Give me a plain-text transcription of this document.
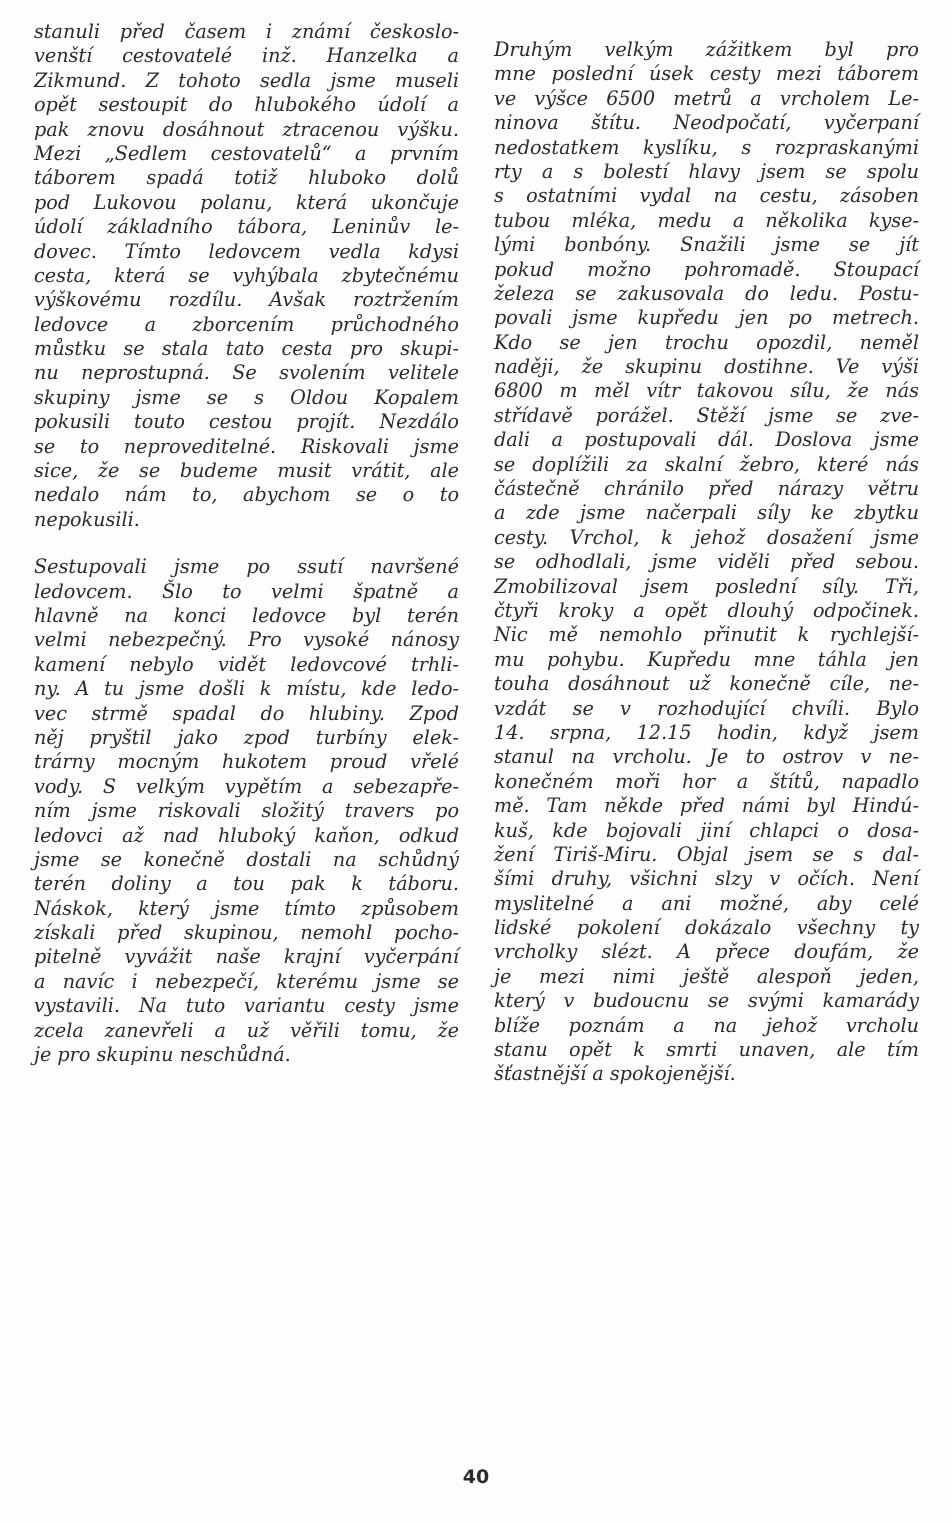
stanuli před časem i známí českoslo-
venští cestovatelé inž. Hanzelka a
Zikmund. Z tohoto sedla jsme museli
opět sestoupit do hlubokého údolí a
pak znovu dosáhnout ztracenou výšku.
Mezi „Sedlem cestovatelů“ a prvním
táborem spadá totiž hluboko dolů
pod Lukovou polanu, která ukončuje
údolí základního tábora, Leninův le-
dovec. Tímto ledovcem vedla kdysi
cesta, která se vyhýbala zbytečnému
výškovému rozdílu. Avšak roztržením
ledovce a zborcením průchodného
můstku se stala tato cesta pro skupi-
nu neprostupná. Se svolením velitele
skupiny jsme se s Oldou Kopalem
pokusili touto cestou projít. Nezdálo
se to neproveditelné. Riskovali jsme
sice, že se budeme musit vrátit, ale
nedalo nám to, abychom se o to
nepokusili.
Sestupovali jsme po ssutí navršené
ledovcem. Šlo to velmi špatně a
hlavně na konci ledovce byl terén
velmi nebezpečný. Pro vysoké nánosy
kamení nebylo vidět ledovcové trhli-
ny. A tu jsme došli k místu, kde ledo-
vec strmě spadal do hlubiny. Zpod
něj pryštil jako zpod turbíny elek-
trárny mocným hukotem proud vřelé
vody. S velkým vypětím a sebezapře-
ním jsme riskovali složitý travers po
ledovci až nad hluboký kaňon, odkud
jsme se konečně dostali na schůdný
terén doliny a tou pak k táboru.
Náskok, který jsme tímto způsobem
získali před skupinou, nemohl pocho-
pitelně vyvážit naše krajní vyčerpání
a navíc i nebezpečí, kterému jsme se
vystavili. Na tuto variantu cesty jsme
zcela zanevřeli a už věřili tomu, že
je pro skupinu neschůdná.
Druhým velkým zážitkem byl pro
mne poslední úsek cesty mezi táborem
ve výšce 6500 metrů a vrcholem Le-
ninova štítu. Neodpočatí, vyčerpaní
nedostatkem kyslíku, s rozpraskanými
rty a s bolestí hlavy jsem se spolu
s ostatními vydal na cestu, zásoben
tubou mléka, medu a několika kyse-
lými bonbóny. Snažili jsme se jít
pokud možno pohromadě. Stoupací
železa se zakusovala do ledu. Postu-
povali jsme kupředu jen po metrech.
Kdo se jen trochu opozdil, neměl
naději, že skupinu dostihne. Ve výši
6800 m měl vítr takovou sílu, že nás
střídavě porážel. Stěží jsme se zve-
dali a postupovali dál. Doslova jsme
se doplížili za skalní žebro, které nás
částečně chránilo před nárazy větru
a zde jsme načerpali síly ke zbytku
cesty. Vrchol, k jehož dosažení jsme
se odhodlali, jsme viděli před sebou.
Zmobilizoval jsem poslední síly. Tři,
čtyři kroky a opět dlouhý odpočinek.
Nic mě nemohlo přinutit k rychlejší-
mu pohybu. Kupředu mne táhla jen
touha dosáhnout už konečně cíle, ne-
vzdát se v rozhodující chvíli. Bylo
14. srpna, 12.15 hodin, když jsem
stanul na vrcholu. Je to ostrov v ne-
konečném moři hor a štítů, napadlo
mě. Tam někde před námi byl Hindú-
kuš, kde bojovali jiní chlapci o dosa-
žení Tiriš-Miru. Objal jsem se s dal-
šími druhy, všichni slzy v očích. Není
myslitelné a ani možné, aby celé
lidské pokolení dokázalo všechny ty
vrcholky slézt. A přece doufám, že
je mezi nimi ještě alespoň jeden,
který v budoucnu se svými kamarády
blíže poznám a na jehož vrcholu
stanu opět k smrti unaven, ale tím
šťastnější a spokojenější.
40
